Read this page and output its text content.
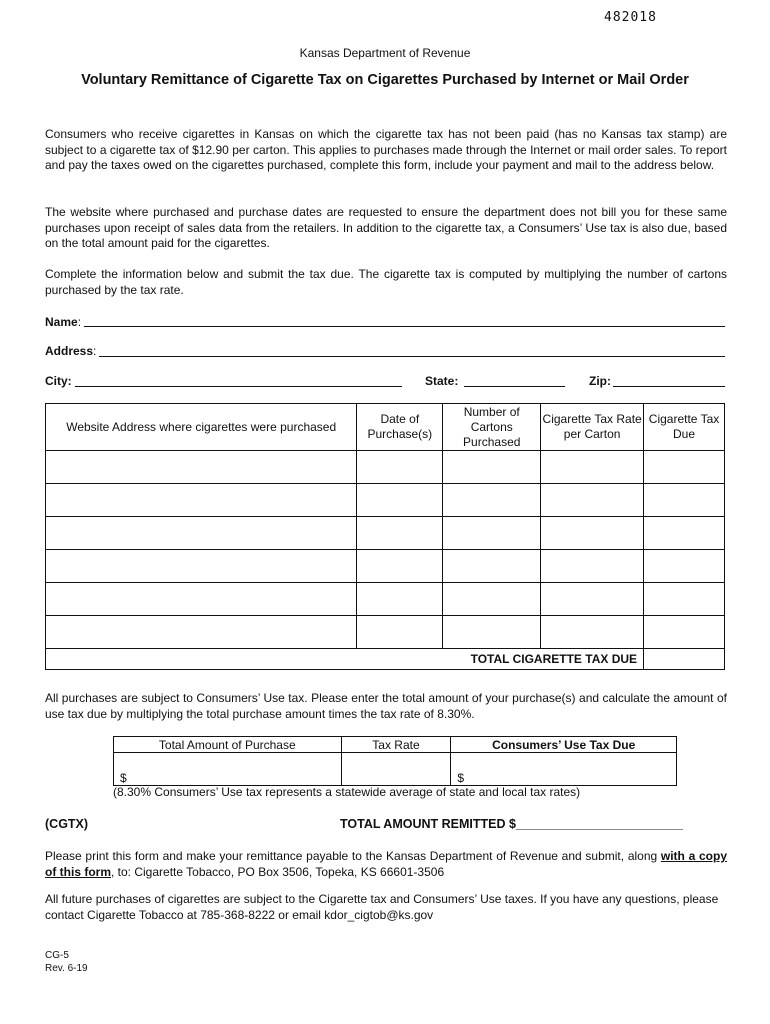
482018
Kansas Department of Revenue
Voluntary Remittance of Cigarette Tax on Cigarettes Purchased by Internet or Mail Order
Consumers who receive cigarettes in Kansas on which the cigarette tax has not been paid (has no Kansas tax stamp) are subject to a cigarette tax of $12.90 per carton. This applies to purchases made through the Internet or mail order sales. To report and pay the taxes owed on the cigarettes purchased, complete this form, include your payment and mail to the address below.
The website where purchased and purchase dates are requested to ensure the department does not bill you for these same purchases upon receipt of sales data from the retailers. In addition to the cigarette tax, a Consumers’ Use tax is also due, based on the total amount paid for the cigarettes.
Complete the information below and submit the tax due. The cigarette tax is computed by multiplying the number of cartons purchased by the tax rate.
Name:
Address:
City:	State:	Zip:
Website Address where cigarettes were purchased	Date of Purchase(s)	Number of Cartons Purchased	Cigarette Tax Rate per Carton	Cigarette Tax Due

TOTAL CIGARETTE TAX DUE				
All purchases are subject to Consumers’ Use tax. Please enter the total amount of your purchase(s) and calculate the amount of use tax due by multiplying the total purchase amount times the tax rate of 8.30%.
Total Amount of Purchase	Tax Rate	Consumers’ Use Tax Due
$		$
(8.30% Consumers’ Use tax represents a statewide average of state and local tax rates)
(CGTX)	TOTAL AMOUNT REMITTED $________________________
Please print this form and make your remittance payable to the Kansas Department of Revenue and submit, along with a copy of this form, to: Cigarette Tobacco, PO Box 3506, Topeka, KS 66601-3506
All future purchases of cigarettes are subject to the Cigarette tax and Consumers’ Use taxes. If you have any questions, please contact Cigarette Tobacco at 785-368-8222 or email kdor_cigtob@ks.gov
CG-5
Rev. 6-19
